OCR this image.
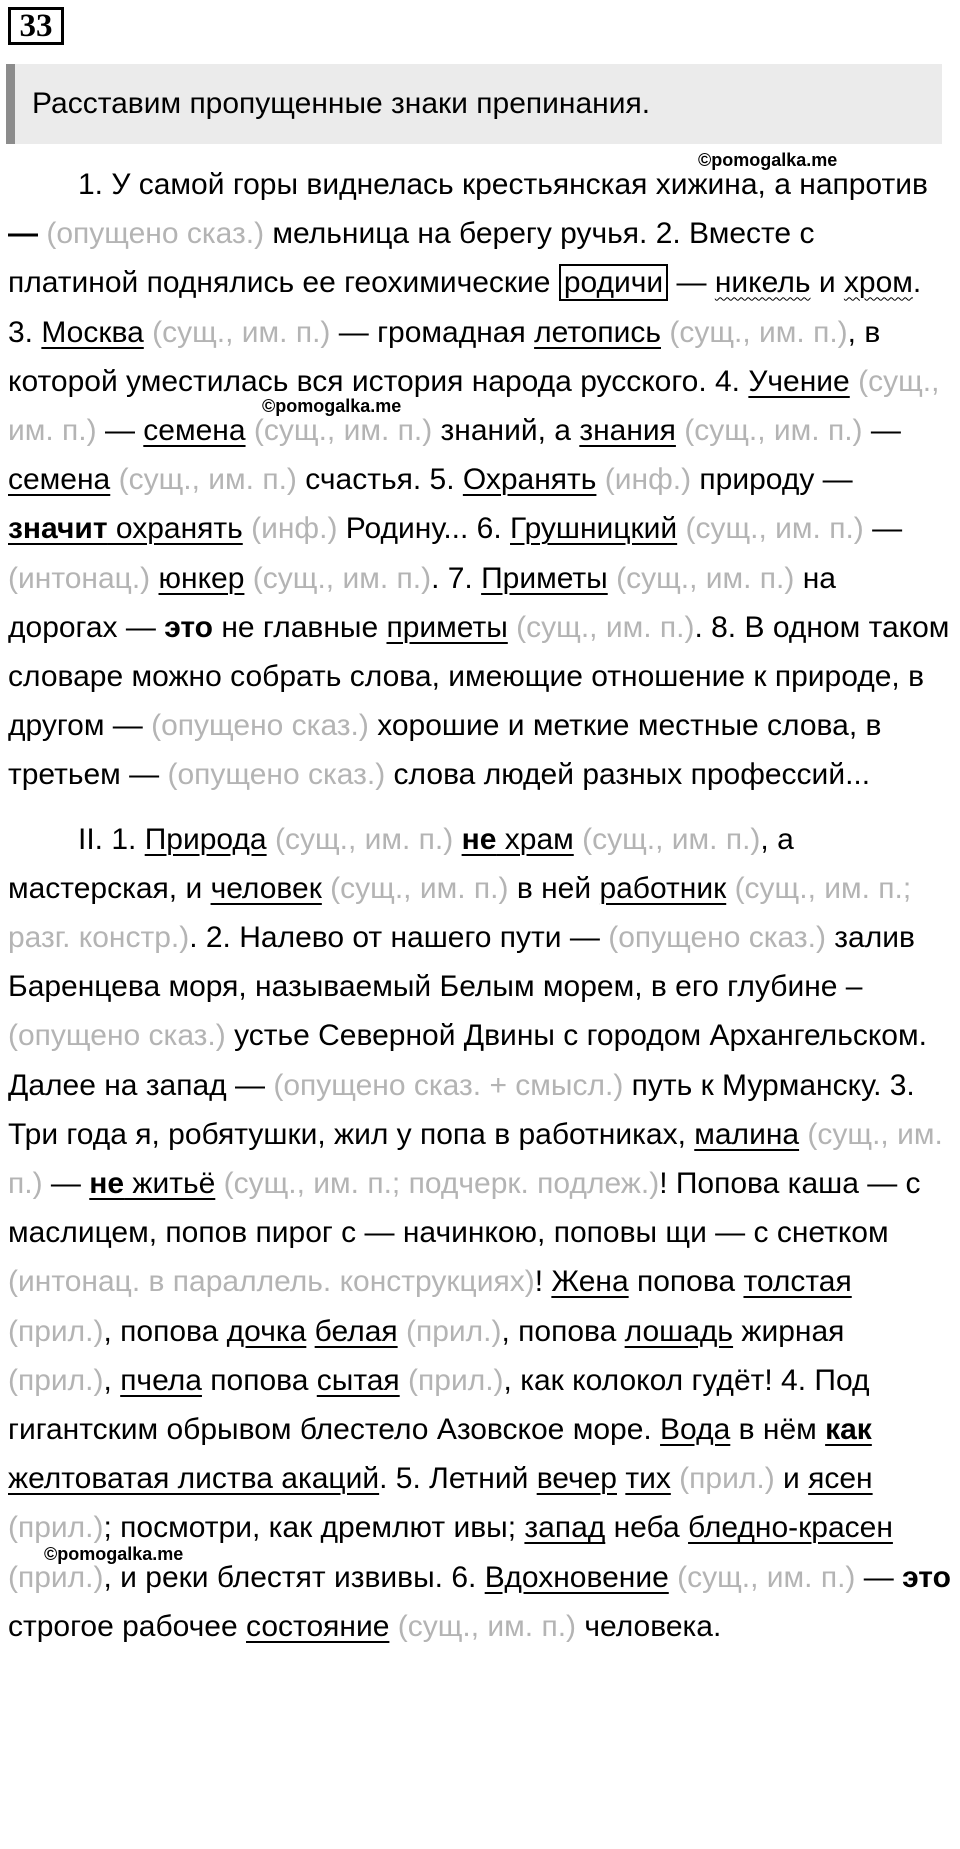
33
Расставим пропущенные знаки препинания.
©pomogalka.me
©pomogalka.me
©pomogalka.me

1. У самой горы виднелась крестьянская хижина, а напротив — (опущено сказ.) мельница на берегу ручья. 2. Вместе с платиной поднялись ее геохимические родичи — никель и хром. 3. Москва (сущ., им. п.) — громадная летопись (сущ., им. п.), в которой уместилась вся история народа русского. 4. Учение (сущ., им. п.) — семена (сущ., им. п.) знаний, а знания (сущ., им. п.) — семена (сущ., им. п.) счастья. 5. Охранять (инф.) природу — значит охранять (инф.) Родину... 6. Грушницкий (сущ., им. п.) — (интонац.) юнкер (сущ., им. п.). 7. Приметы (сущ., им. п.) на дорогах — это не главные приметы (сущ., им. п.). 8. В одном таком словаре можно собрать слова, имеющие отношение к природе, в другом — (опущено сказ.) хорошие и меткие местные слова, в третьем — (опущено сказ.) слова людей разных профессий...

II. 1. Природа (сущ., им. п.) не храм (сущ., им. п.), а мастерская, и человек (сущ., им. п.) в ней работник (сущ., им. п.; разг. констр.). 2. Налево от нашего пути — (опущено сказ.) залив Баренцева моря, называемый Белым морем, в его глубине – (опущено сказ.) устье Северной Двины с городом Архангельском. Далее на запад — (опущено сказ. + смысл.) путь к Мурманску. 3. Три года я, робятушки, жил у попа в работниках, малина (сущ., им. п.) — не житьё (сущ., им. п.; подчерк. подлеж.)! Попова каша — с маслицем, попов пирог с — начинкою, поповы щи — с снетком (интонац. в параллель. конструкциях)! Жена попова толстая (прил.), попова дочка белая (прил.), попова лошадь жирная (прил.), пчела попова сытая (прил.), как колокол гудёт! 4. Под гигантским обрывом блестело Азовское море. Вода в нём как желтоватая листва акаций. 5. Летний вечер тих (прил.) и ясен (прил.); посмотри, как дремлют ивы; запад неба бледно-красен (прил.), и реки блестят извивы. 6. Вдохновение (сущ., им. п.) — это строгое рабочее состояние (сущ., им. п.) человека.
